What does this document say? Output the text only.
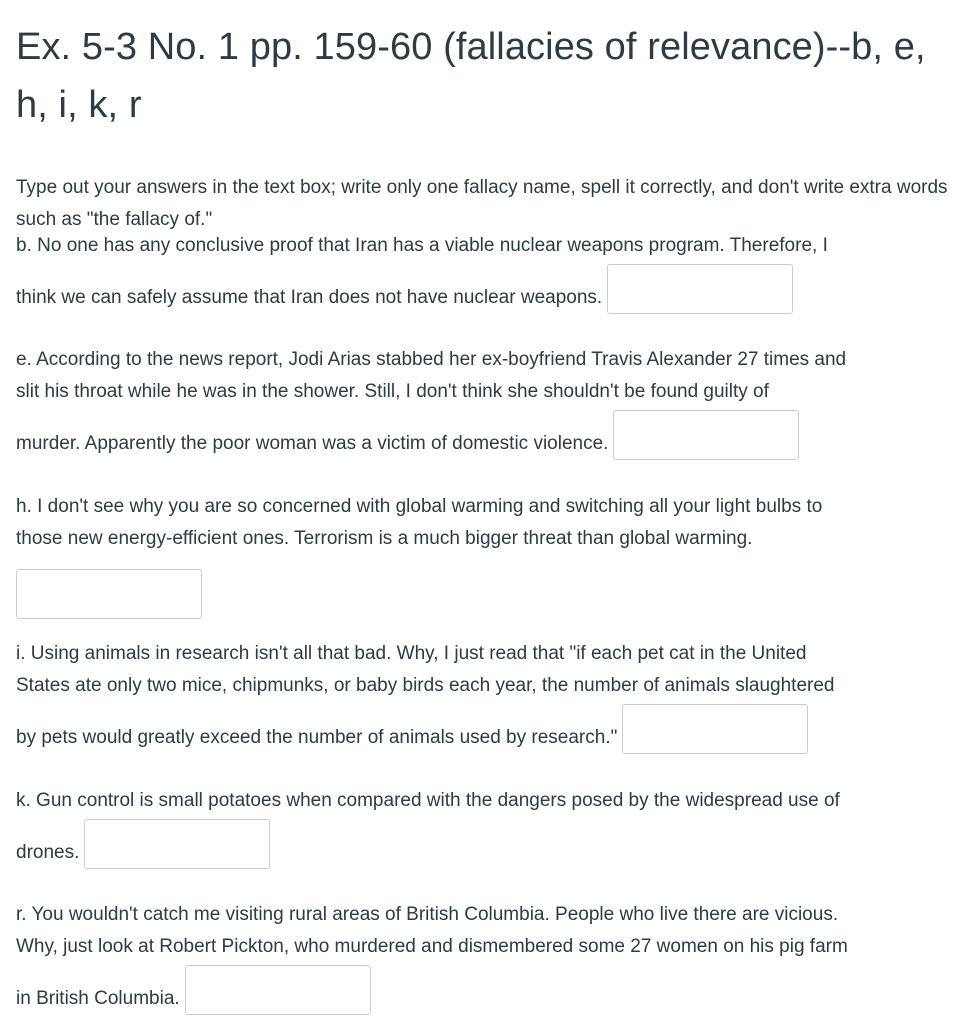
Ex. 5-3 No. 1 pp. 159-60 (fallacies of relevance)--b, e, h, i, k, r
Type out your answers in the text box; write only one fallacy name, spell it correctly, and don't write extra words such as "the fallacy of."
b. No one has any conclusive proof that Iran has a viable nuclear weapons program. Therefore, I
think we can safely assume that Iran does not have nuclear weapons.
e. According to the news report, Jodi Arias stabbed her ex-boyfriend Travis Alexander 27 times and
slit his throat while he was in the shower. Still, I don't think she shouldn't be found guilty of
murder. Apparently the poor woman was a victim of domestic violence.
h. I don't see why you are so concerned with global warming and switching all your light bulbs to
those new energy-efficient ones. Terrorism is a much bigger threat than global warming.
i. Using animals in research isn't all that bad. Why, I just read that "if each pet cat in the United
States ate only two mice, chipmunks, or baby birds each year, the number of animals slaughtered
by pets would greatly exceed the number of animals used by research."
k. Gun control is small potatoes when compared with the dangers posed by the widespread use of
drones.
r. You wouldn't catch me visiting rural areas of British Columbia. People who live there are vicious.
Why, just look at Robert Pickton, who murdered and dismembered some 27 women on his pig farm
in British Columbia.
